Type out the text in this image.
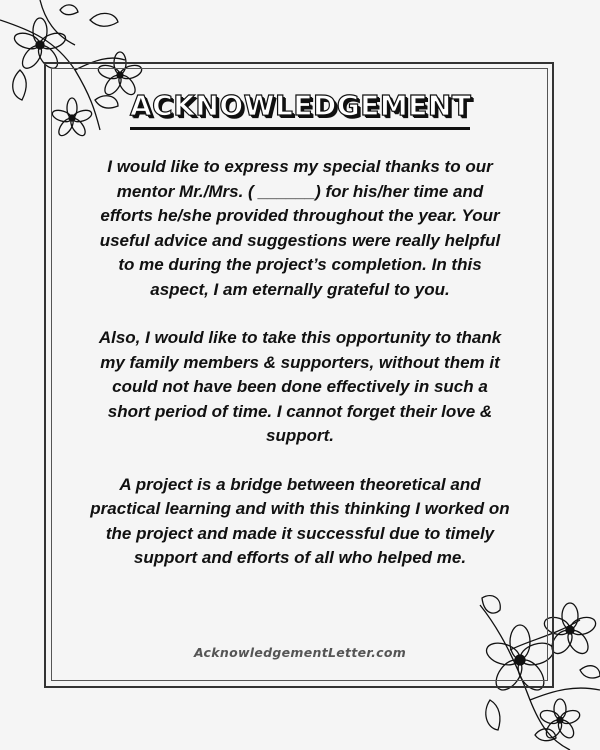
ACKNOWLEDGEMENT

I would like to express my special thanks to our mentor Mr./Mrs. ( ______) for his/her time and efforts he/she provided throughout the year. Your useful advice and suggestions were really helpful to me during the project’s completion. In this aspect, I am eternally grateful to you.

Also, I would like to take this opportunity to thank my family members & supporters, without them it could not have been done effectively in such a short period of time. I cannot forget their love & support.

A project is a bridge between theoretical and practical learning and with this thinking I worked on the project and made it successful due to timely support and efforts of all who helped me.

AcknowledgementLetter.com
